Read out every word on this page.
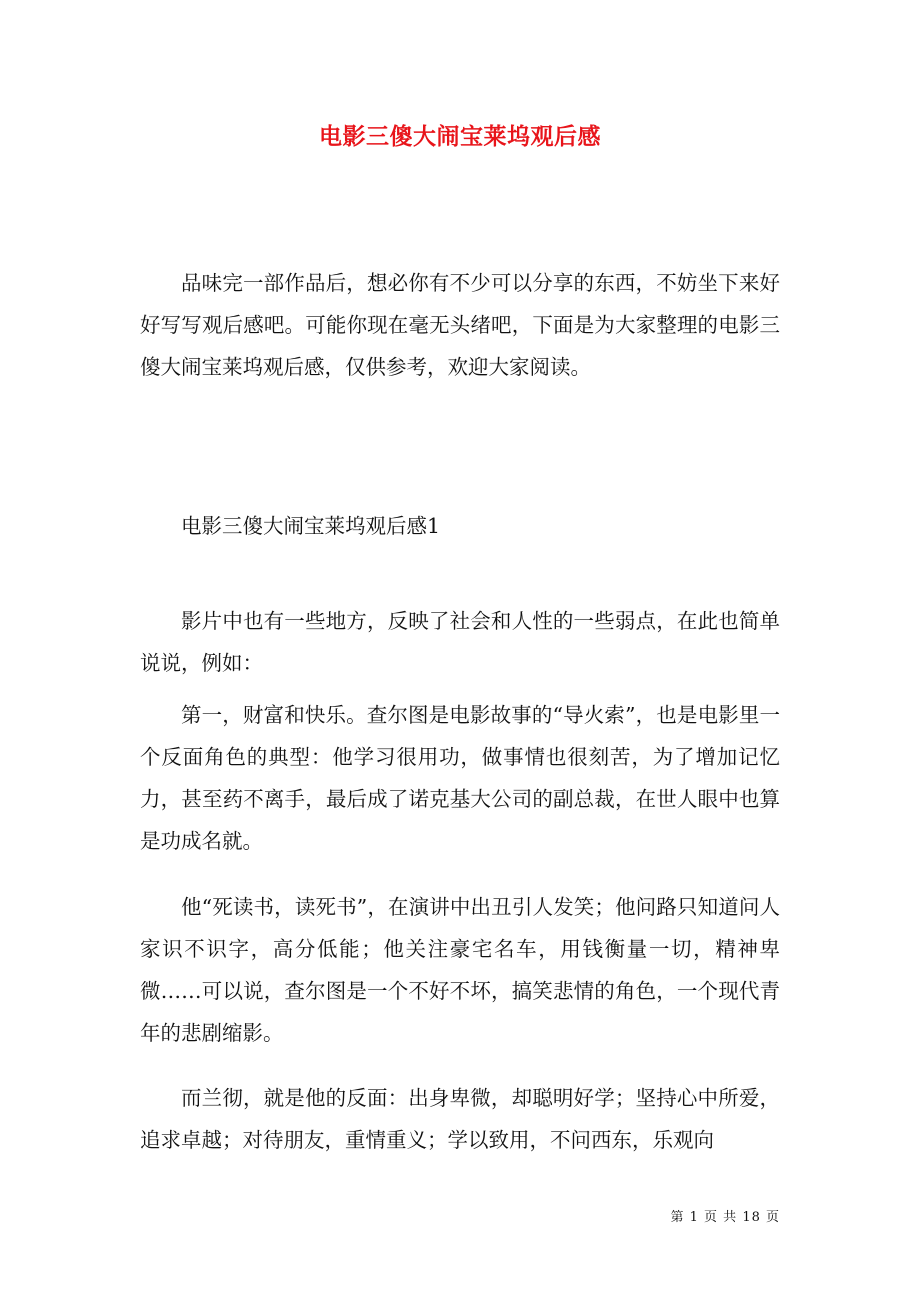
电影三傻大闹宝莱坞观后感

品味完一部作品后，想必你有不少可以分享的东西，不妨坐下来好好写写观后感吧。可能你现在毫无头绪吧，下面是为大家整理的电影三傻大闹宝莱坞观后感，仅供参考，欢迎大家阅读。

电影三傻大闹宝莱坞观后感1

影片中也有一些地方，反映了社会和人性的一些弱点，在此也简单说说，例如：

第一，财富和快乐。查尔图是电影故事的“导火索”，也是电影里一个反面角色的典型：他学习很用功，做事情也很刻苦，为了增加记忆力，甚至药不离手，最后成了诺克基大公司的副总裁，在世人眼中也算是功成名就。

他“死读书，读死书”，在演讲中出丑引人发笑；他问路只知道问人家识不识字，高分低能；他关注豪宅名车，用钱衡量一切，精神卑微……可以说，查尔图是一个不好不坏，搞笑悲情的角色，一个现代青年的悲剧缩影。

而兰彻，就是他的反面：出身卑微，却聪明好学；坚持心中所爱，追求卓越；对待朋友，重情重义；学以致用，不问西东，乐观向

第 1 页 共 18 页
